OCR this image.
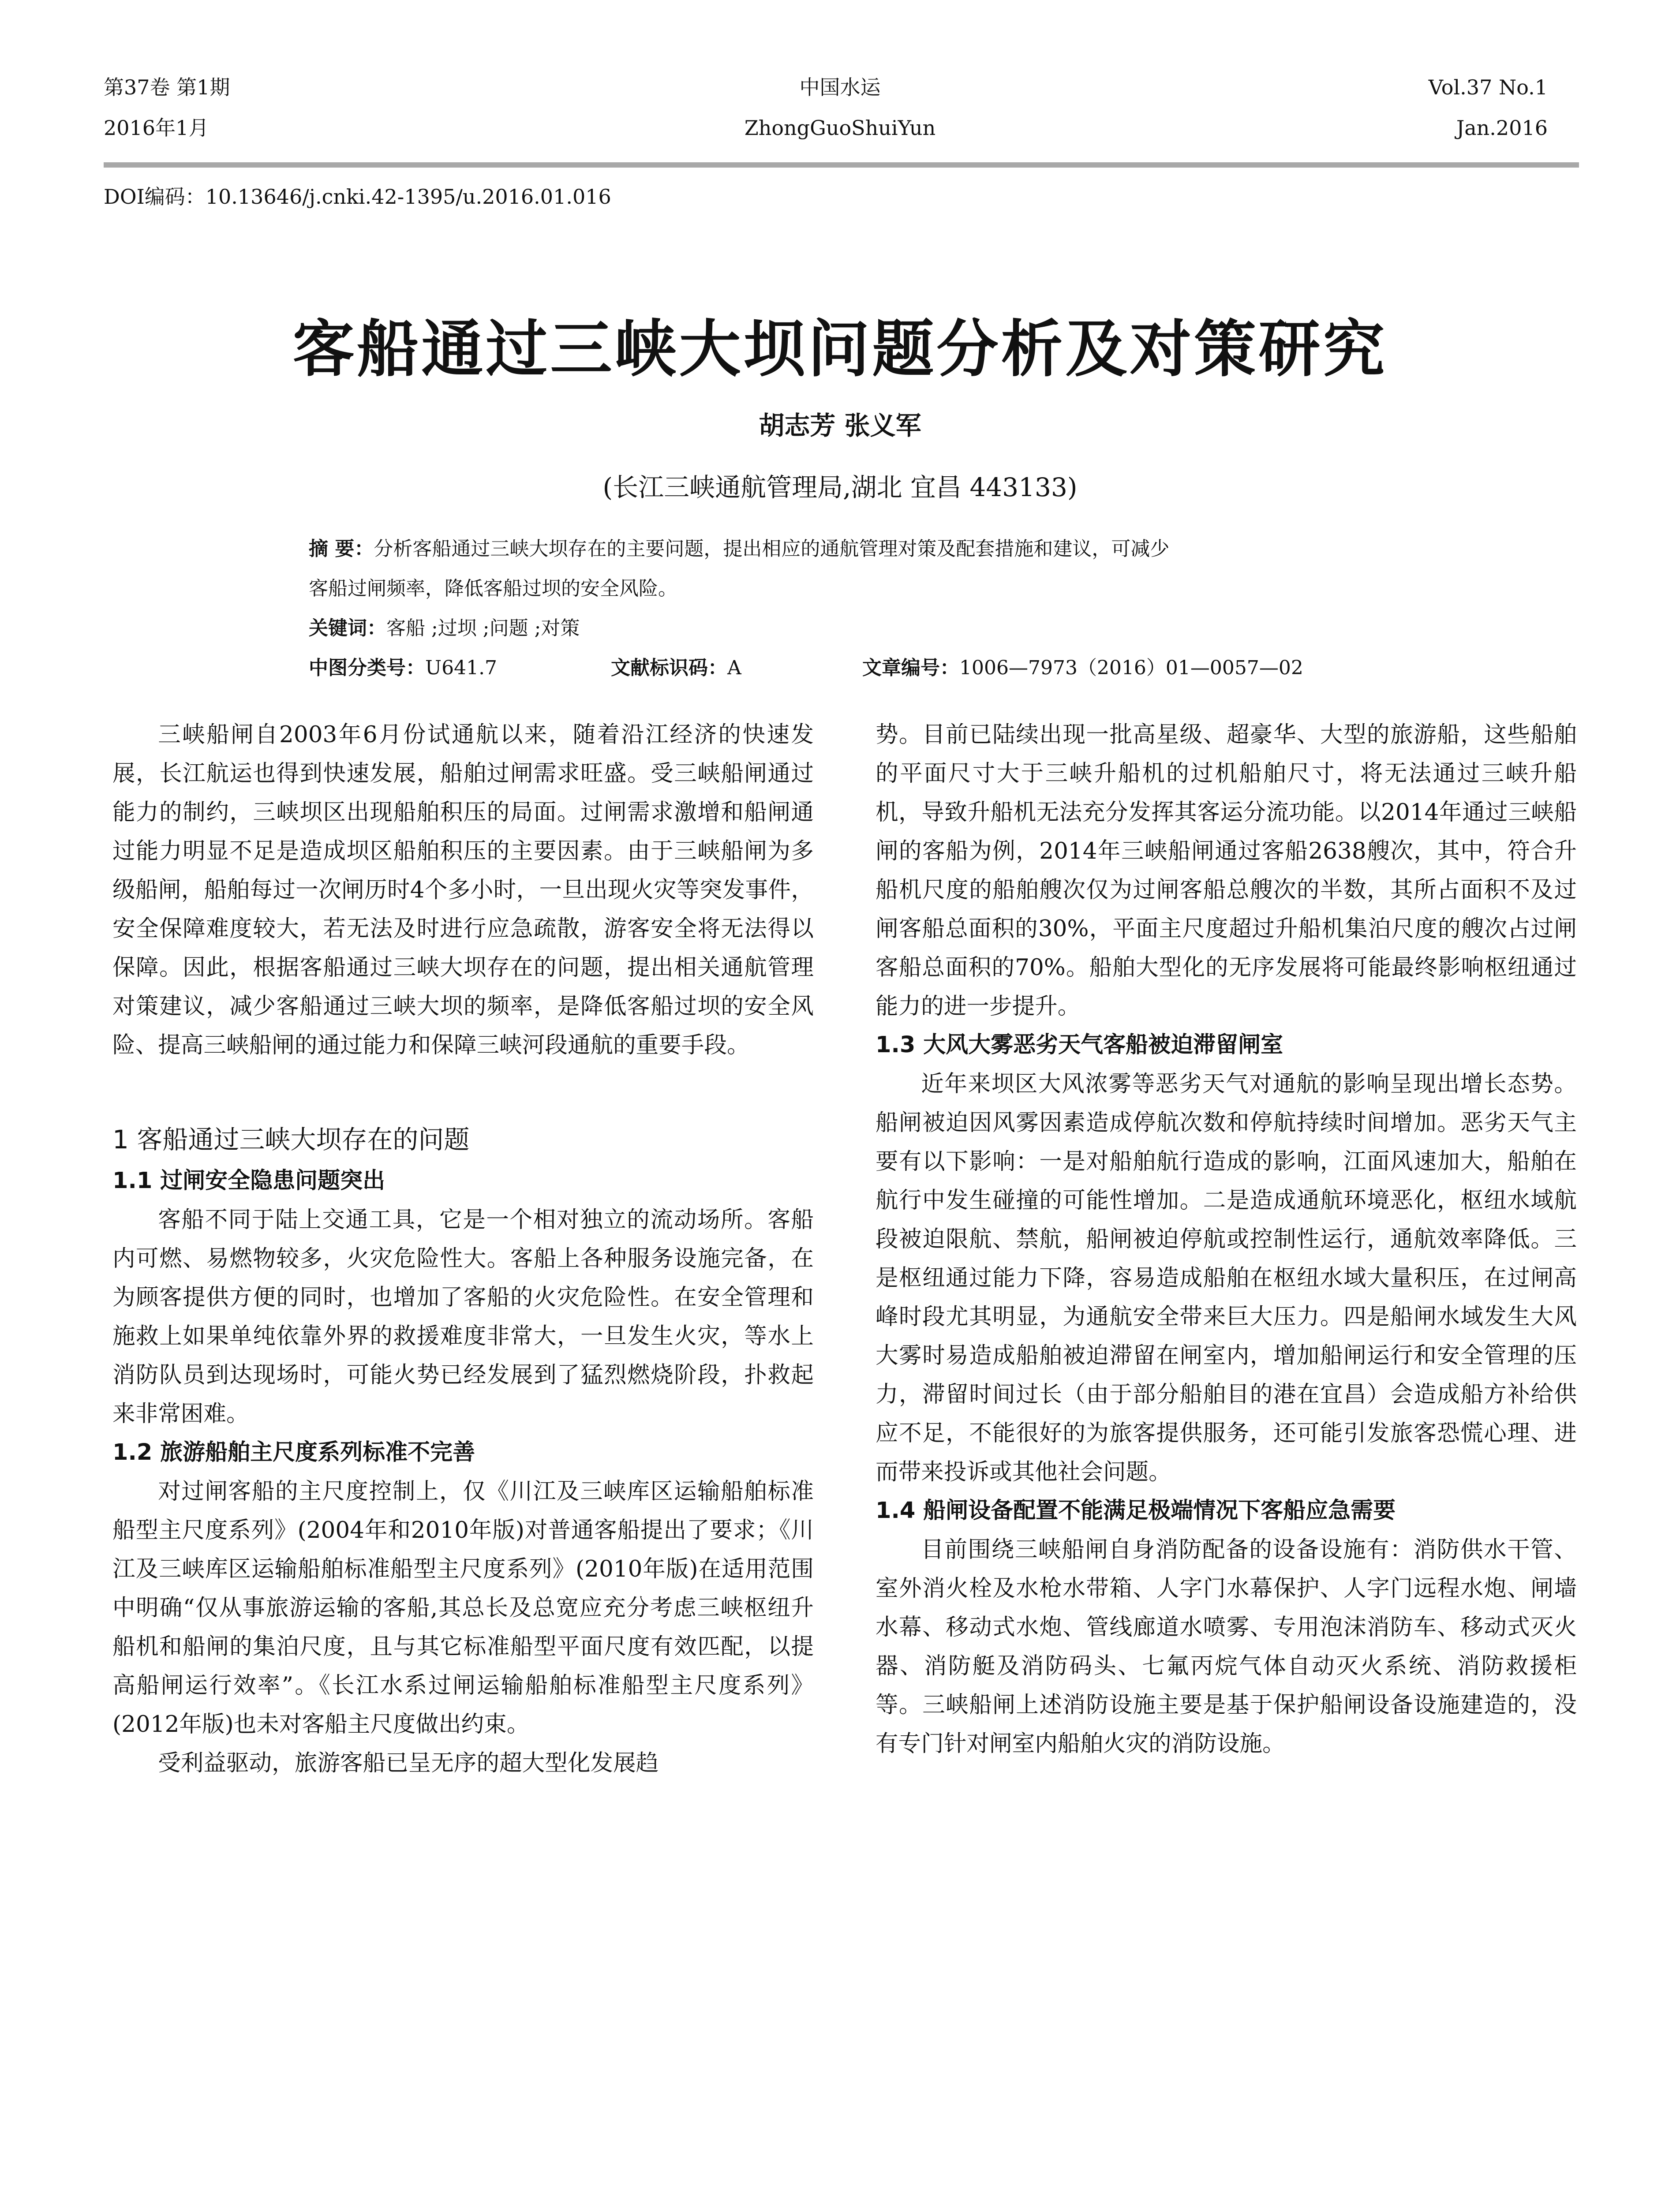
第37卷 第1期
2016年1月
中国水运
ZhongGuoShuiYun
Vol.37 No.1
Jan.2016
DOI编码：10.13646/j.cnki.42-1395/u.2016.01.016
客船通过三峡大坝问题分析及对策研究
胡志芳 张义军
(长江三峡通航管理局,湖北 宜昌 443133)
摘 要：分析客船通过三峡大坝存在的主要问题，提出相应的通航管理对策及配套措施和建议，可减少
客船过闸频率，降低客船过坝的安全风险。
关键词：客船 ;过坝 ;问题 ;对策
中图分类号：U641.7	文献标识码：A	文章编号：1006—7973（2016）01—0057—02

三峡船闸自2003年6月份试通航以来，随着沿江经济的快速发展，长江航运也得到快速发展，船舶过闸需求旺盛。受三峡船闸通过能力的制约，三峡坝区出现船舶积压的局面。过闸需求激增和船闸通过能力明显不足是造成坝区船舶积压的主要因素。由于三峡船闸为多级船闸，船舶每过一次闸历时4个多小时，一旦出现火灾等突发事件，安全保障难度较大，若无法及时进行应急疏散，游客安全将无法得以保障。因此，根据客船通过三峡大坝存在的问题，提出相关通航管理对策建议，减少客船通过三峡大坝的频率，是降低客船过坝的安全风险、提高三峡船闸的通过能力和保障三峡河段通航的重要手段。

1 客船通过三峡大坝存在的问题
1.1 过闸安全隐患问题突出

客船不同于陆上交通工具，它是一个相对独立的流动场所。客船内可燃、易燃物较多，火灾危险性大。客船上各种服务设施完备，在为顾客提供方便的同时，也增加了客船的火灾危险性。在安全管理和施救上如果单纯依靠外界的救援难度非常大，一旦发生火灾，等水上消防队员到达现场时，可能火势已经发展到了猛烈燃烧阶段，扑救起来非常困难。

1.2 旅游船舶主尺度系列标准不完善

对过闸客船的主尺度控制上，仅《川江及三峡库区运输船舶标准船型主尺度系列》(2004年和2010年版)对普通客船提出了要求；《川江及三峡库区运输船舶标准船型主尺度系列》(2010年版)在适用范围中明确“仅从事旅游运输的客船,其总长及总宽应充分考虑三峡枢纽升船机和船闸的集泊尺度，且与其它标准船型平面尺度有效匹配，以提高船闸运行效率”。《长江水系过闸运输船舶标准船型主尺度系列》(2012年版)也未对客船主尺度做出约束。

受利益驱动，旅游客船已呈无序的超大型化发展趋

势。目前已陆续出现一批高星级、超豪华、大型的旅游船，这些船舶的平面尺寸大于三峡升船机的过机船舶尺寸，将无法通过三峡升船机，导致升船机无法充分发挥其客运分流功能。以2014年通过三峡船闸的客船为例，2014年三峡船闸通过客船2638艘次，其中，符合升船机尺度的船舶艘次仅为过闸客船总艘次的半数，其所占面积不及过闸客船总面积的30%，平面主尺度超过升船机集泊尺度的艘次占过闸客船总面积的70%。船舶大型化的无序发展将可能最终影响枢纽通过能力的进一步提升。

1.3 大风大雾恶劣天气客船被迫滞留闸室

近年来坝区大风浓雾等恶劣天气对通航的影响呈现出增长态势。船闸被迫因风雾因素造成停航次数和停航持续时间增加。恶劣天气主要有以下影响：一是对船舶航行造成的影响，江面风速加大，船舶在航行中发生碰撞的可能性增加。二是造成通航环境恶化，枢纽水域航段被迫限航、禁航，船闸被迫停航或控制性运行，通航效率降低。三是枢纽通过能力下降，容易造成船舶在枢纽水域大量积压，在过闸高峰时段尤其明显，为通航安全带来巨大压力。四是船闸水域发生大风大雾时易造成船舶被迫滞留在闸室内，增加船闸运行和安全管理的压力，滞留时间过长（由于部分船舶目的港在宜昌）会造成船方补给供应不足，不能很好的为旅客提供服务，还可能引发旅客恐慌心理、进而带来投诉或其他社会问题。

1.4 船闸设备配置不能满足极端情况下客船应急需要

目前围绕三峡船闸自身消防配备的设备设施有：消防供水干管、室外消火栓及水枪水带箱、人字门水幕保护、人字门远程水炮、闸墙水幕、移动式水炮、管线廊道水喷雾、专用泡沫消防车、移动式灭火器、消防艇及消防码头、七氟丙烷气体自动灭火系统、消防救援柜等。三峡船闸上述消防设施主要是基于保护船闸设备设施建造的，没有专门针对闸室内船舶火灾的消防设施。
